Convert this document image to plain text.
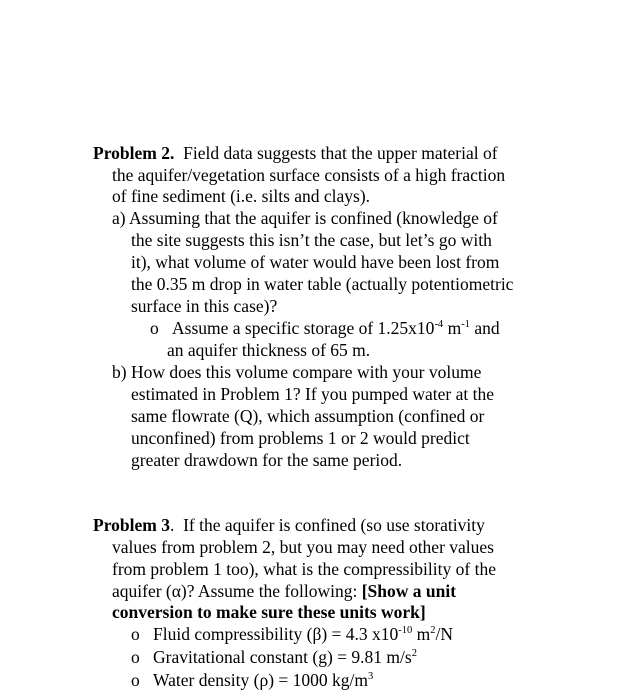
Problem 2. Field data suggests that the upper material of
the aquifer/vegetation surface consists of a high fraction
of fine sediment (i.e. silts and clays).
a) Assuming that the aquifer is confined (knowledge of
the site suggests this isn’t the case, but let’s go with
it), what volume of water would have been lost from
the 0.35 m drop in water table (actually potentiometric
surface in this case)?
o Assume a specific storage of $1.25x10^{-4}$ $m^{-1}$ and
an aquifer thickness of 65 m.
b) How does this volume compare with your volume
estimated in Problem 1? If you pumped water at the
same flowrate (Q), which assumption (confined or
unconfined) from problems 1 or 2 would predict
greater drawdown for the same period.
Problem 3. If the aquifer is confined (so use storativity
values from problem 2, but you may need other values
from problem 1 too), what is the compressibility of the
aquifer (α)? Assume the following: [Show a unit
conversion to make sure these units work]
o Fluid compressibility (β) = 4.3 $x10^{-10}$ $m^2/N$
o Gravitational constant (g) = 9.81 $m/s^2$
o Water density (ρ) = 1000 $kg/m^3$
